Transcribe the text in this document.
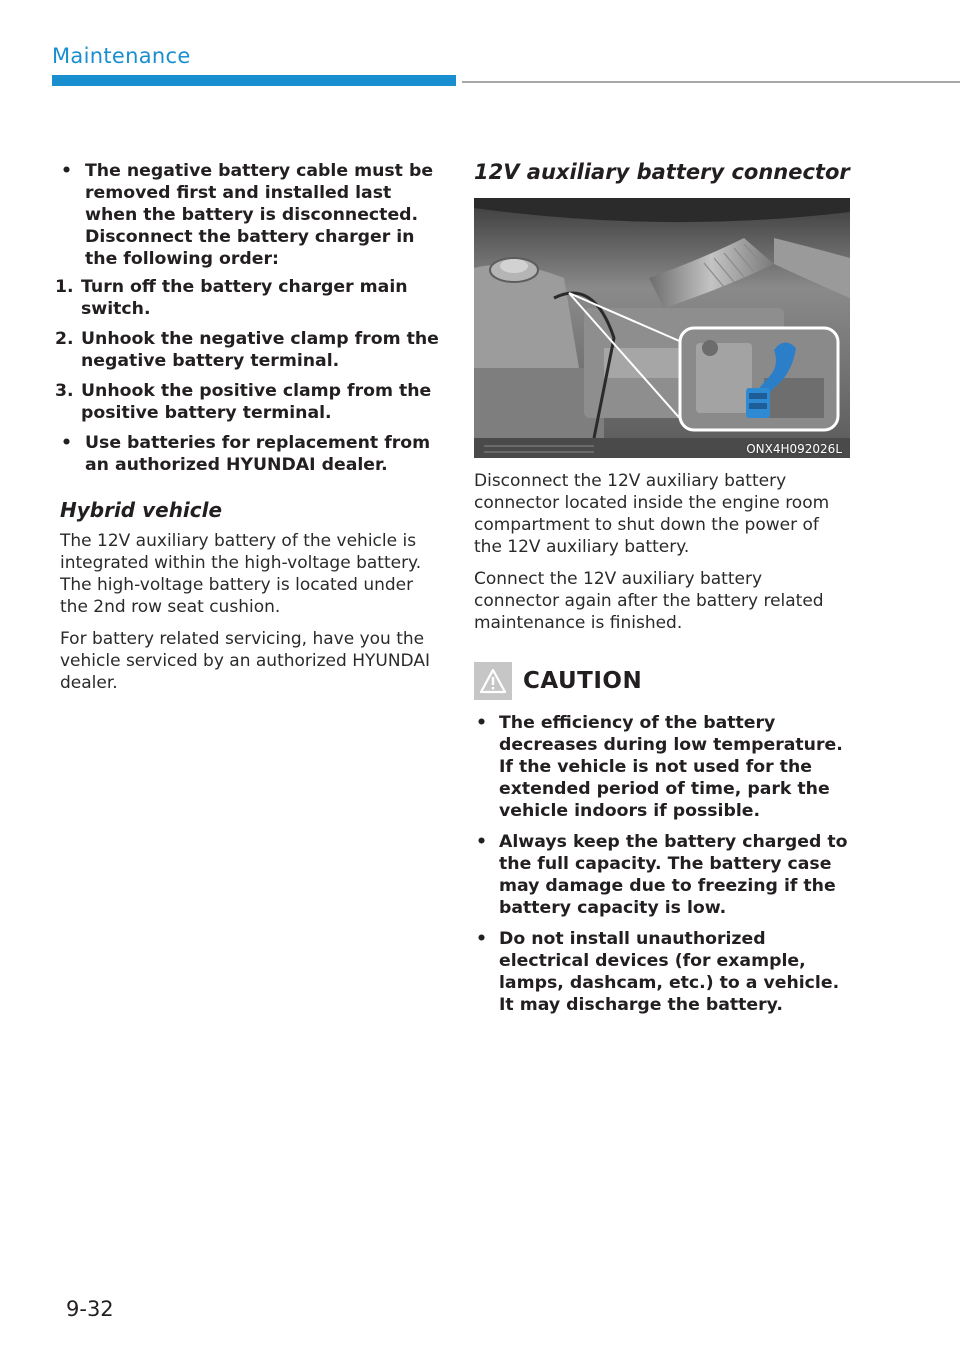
Maintenance
• The negative battery cable must be removed first and installed last when the battery is disconnected. Disconnect the battery charger in the following order:
1. Turn off the battery charger main switch.
2. Unhook the negative clamp from the negative battery terminal.
3. Unhook the positive clamp from the positive battery terminal.
• Use batteries for replacement from an authorized HYUNDAI dealer.
Hybrid vehicle

The 12V auxiliary battery of the vehicle is integrated within the high-voltage battery. The high-voltage battery is located under the 2nd row seat cushion.

For battery related servicing, have you the vehicle serviced by an authorized HYUNDAI dealer.

12V auxiliary battery connector
ONX4H092026L

Disconnect the 12V auxiliary battery connector located inside the engine room compartment to shut down the power of the 12V auxiliary battery.

Connect the 12V auxiliary battery connector again after the battery related maintenance is finished.

CAUTION
• The efficiency of the battery decreases during low temperature. If the vehicle is not used for the extended period of time, park the vehicle indoors if possible.
• Always keep the battery charged to the full capacity. The battery case may damage due to freezing if the battery capacity is low.
• Do not install unauthorized electrical devices (for example, lamps, dashcam, etc.) to a vehicle. It may discharge the battery.
9-32
